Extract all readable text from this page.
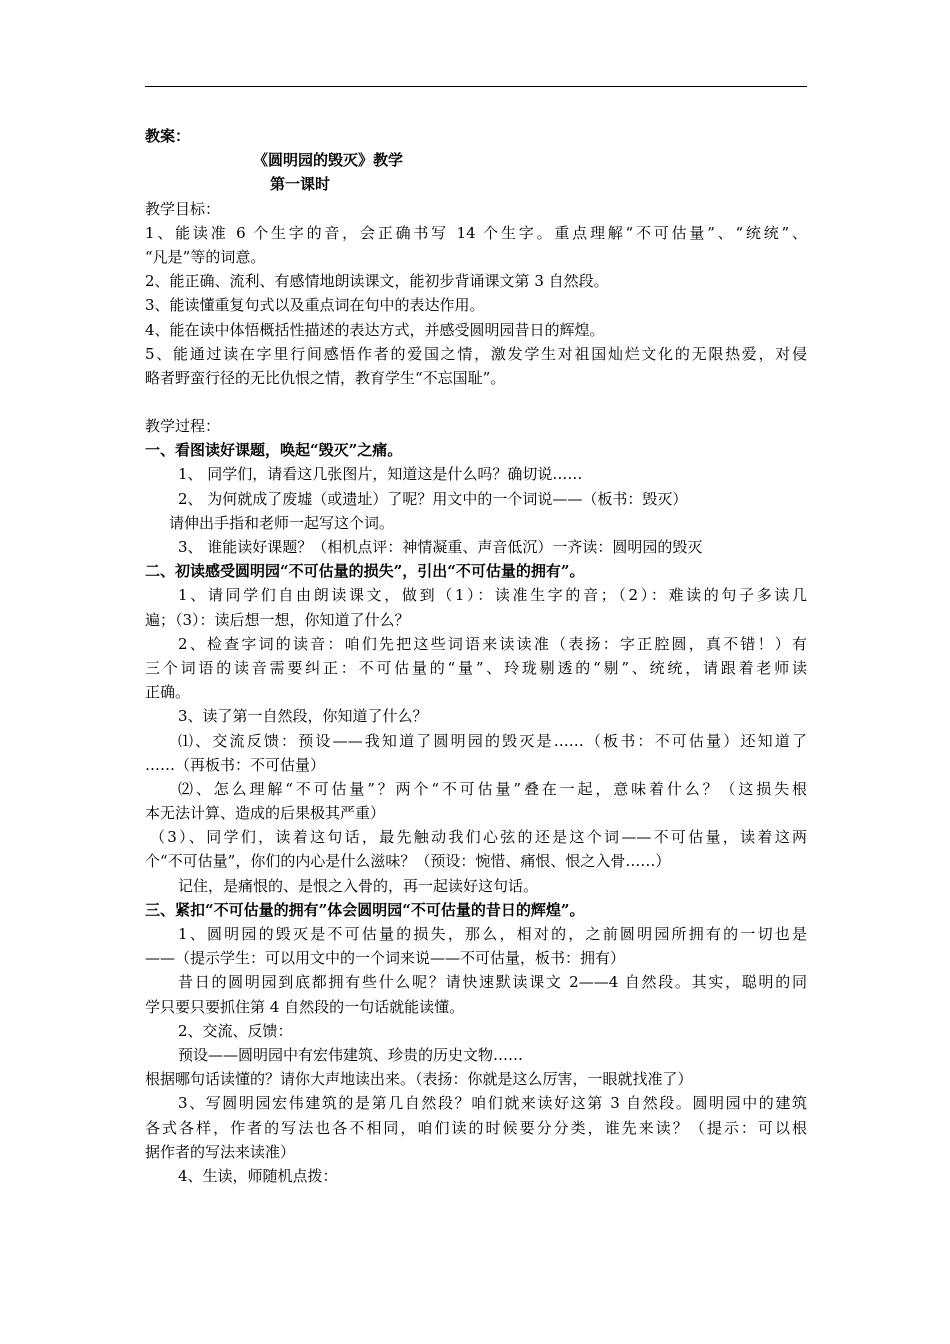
教案：
《圆明园的毁灭》教学
第一课时
教学目标：
1、能读准 6 个生字的音，会正确书写 14 个生字。重点理解“不可估量”、“统统”、
“凡是”等的词意。
2、能正确、流利、有感情地朗读课文，能初步背诵课文第 3 自然段。
3、能读懂重复句式以及重点词在句中的表达作用。
4、能在读中体悟概括性描述的表达方式，并感受圆明园昔日的辉煌。
5、能通过读在字里行间感悟作者的爱国之情，激发学生对祖国灿烂文化的无限热爱，对侵
略者野蛮行径的无比仇恨之情，教育学生“不忘国耻”。
教学过程：
一、看图读好课题，唤起“毁灭”之痛。
1、 同学们，请看这几张图片，知道这是什么吗？确切说……
2、 为何就成了废墟（或遗址）了呢？用文中的一个词说——（板书：毁灭）
请伸出手指和老师一起写这个词。
3、 谁能读好课题？（相机点评：神情凝重、声音低沉）一齐读：圆明园的毁灭
二、初读感受圆明园“不可估量的损失”，引出“不可估量的拥有”。
1、请同学们自由朗读课文，做到（1）：读准生字的音；（2）：难读的句子多读几
遍；（3）：读后想一想，你知道了什么？
2、检查字词的读音：咱们先把这些词语来读读准（表扬：字正腔圆，真不错！）有
三个词语的读音需要纠正：不可估量的“量”、玲珑剔透的“剔”、统统，请跟着老师读
正确。
3、读了第一自然段，你知道了什么？
⑴、交流反馈：预设——我知道了圆明园的毁灭是……（板书：不可估量）还知道了
……（再板书：不可估量）
⑵、怎么理解“不可估量”？两个“不可估量”叠在一起，意味着什么？（这损失根
本无法计算、造成的后果极其严重）
（3）、同学们，读着这句话，最先触动我们心弦的还是这个词——不可估量，读着这两
个“不可估量”，你们的内心是什么滋味？（预设：惋惜、痛恨、恨之入骨……）
记住，是痛恨的、是恨之入骨的，再一起读好这句话。
三、紧扣“不可估量的拥有”体会圆明园“不可估量的昔日的辉煌”。
1、圆明园的毁灭是不可估量的损失，那么，相对的，之前圆明园所拥有的一切也是
——（提示学生：可以用文中的一个词来说——不可估量，板书：拥有）
昔日的圆明园到底都拥有些什么呢？请快速默读课文 2——4 自然段。其实，聪明的同
学只要只要抓住第 4 自然段的一句话就能读懂。
2、交流、反馈：
预设——圆明园中有宏伟建筑、珍贵的历史文物……
根据哪句话读懂的？请你大声地读出来。（表扬：你就是这么厉害，一眼就找准了）
3、写圆明园宏伟建筑的是第几自然段？咱们就来读好这第 3 自然段。圆明园中的建筑
各式各样，作者的写法也各不相同，咱们读的时候要分分类，谁先来读？（提示：可以根
据作者的写法来读准）
4、生读，师随机点拨：
